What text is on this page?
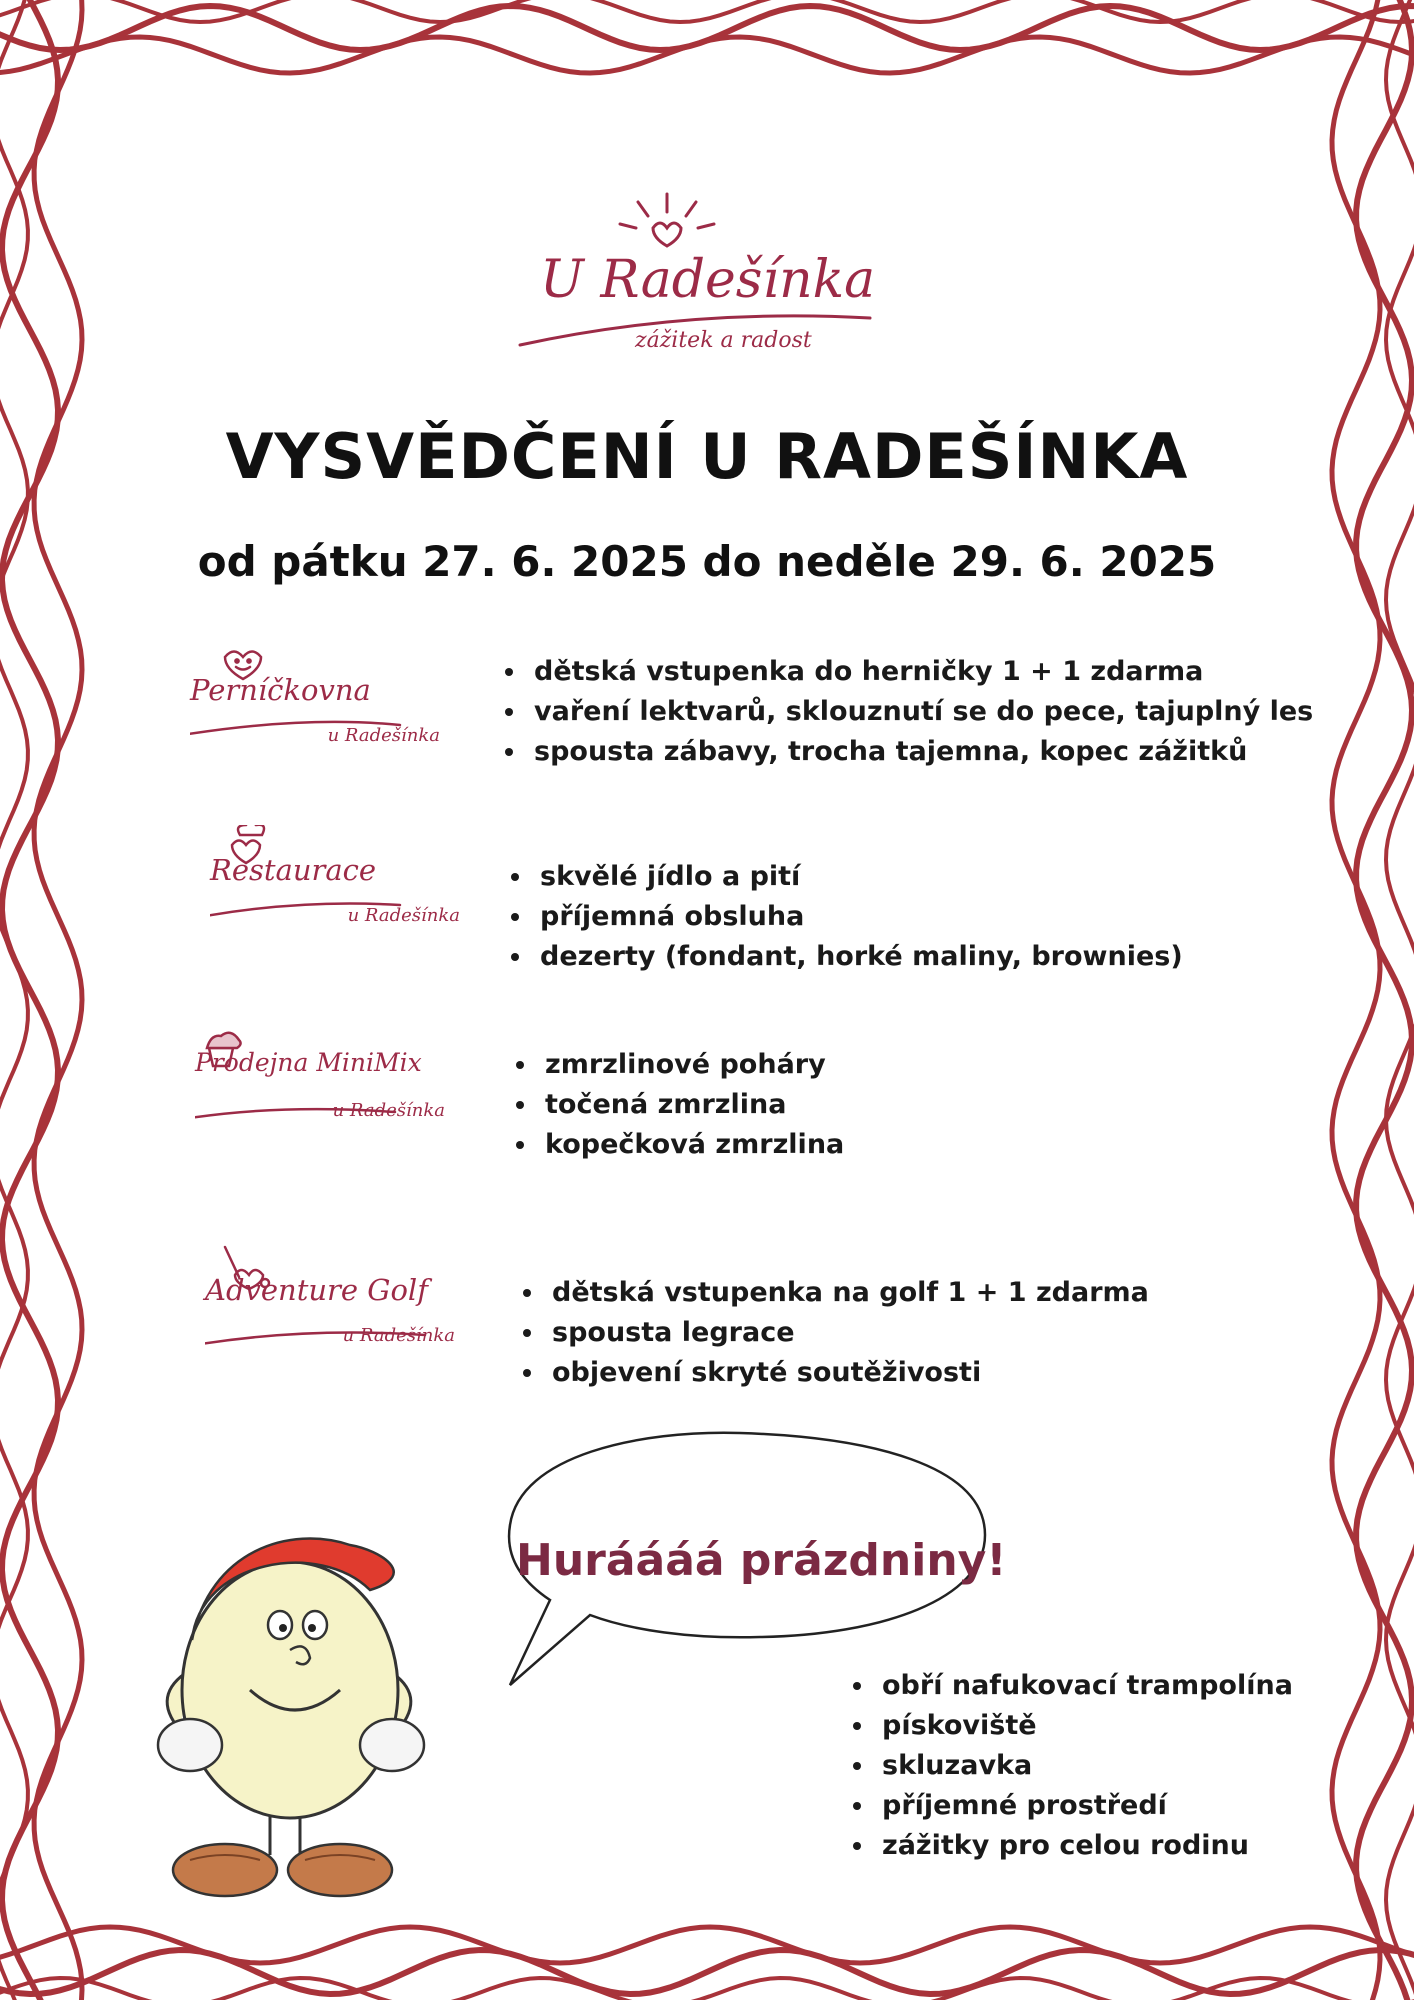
U Radešínka
zážitek a radost
VYSVĚDČENÍ U RADEŠÍNKA
od pátku 27. 6. 2025 do neděle 29. 6. 2025
Perníčkovna
u Radešínka
• dětská vstupenka do herničky 1 + 1 zdarma
• vaření lektvarů, sklouznutí se do pece, tajuplný les
• spousta zábavy, trocha tajemna, kopec zážitků
Restaurace
u Radešínka
• skvělé jídlo a pití
• příjemná obsluha
• dezerty (fondant, horké maliny, brownies)
Prodejna MiniMix
u Radešínka
• zmrzlinové poháry
• točená zmrzlina
• kopečková zmrzlina
Adventure Golf
u Radešínka
• dětská vstupenka na golf 1 + 1 zdarma
• spousta legrace
• objevení skryté soutěživosti
Huráááá prázdniny!
• obří nafukovací trampolína
• pískoviště
• skluzavka
• příjemné prostředí
• zážitky pro celou rodinu
